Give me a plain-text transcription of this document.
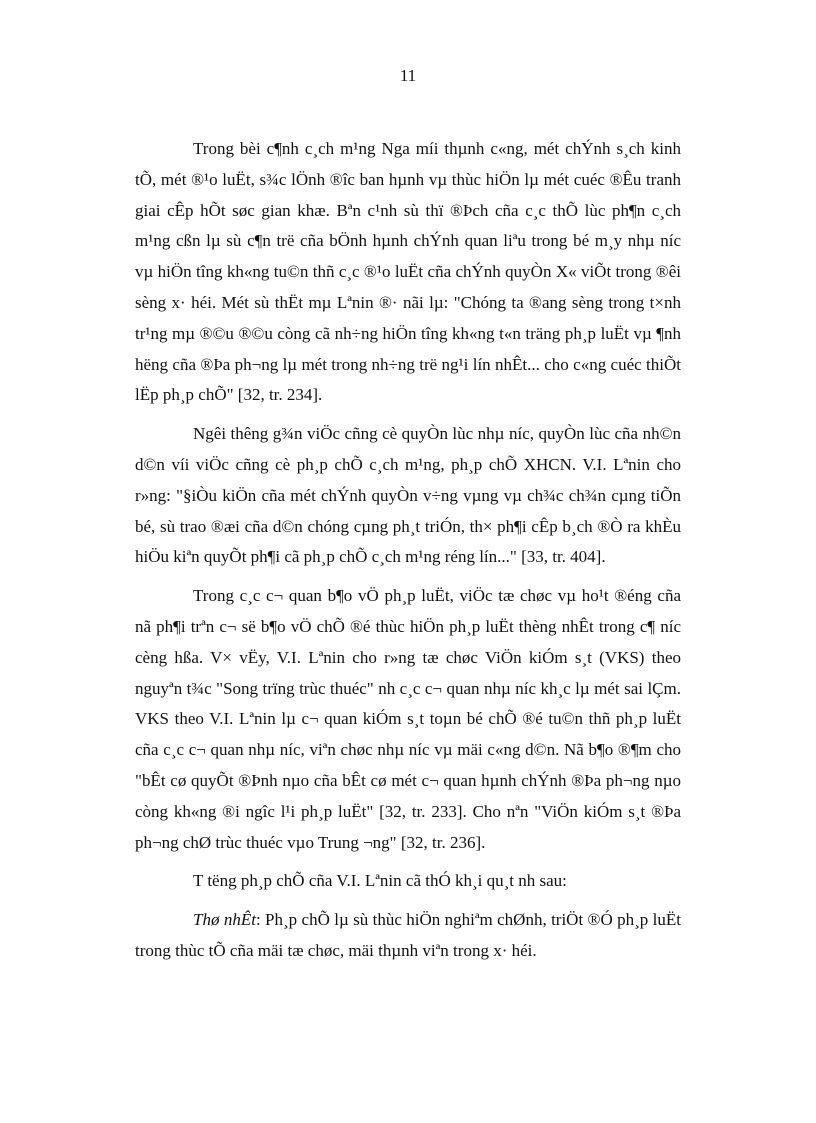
11

Trong bèi c¶nh c¸ch m¹ng Nga míi thµnh c«ng, mét chÝnh s¸ch kinh tÕ, mét ®¹o luËt, s¾c lÖnh ®îc ban hµnh vµ thùc hiÖn lµ mét cuéc ®Êu tranh giai cÊp hÕt søc gian khæ. Bªn c¹nh sù thï ®Þch cña c¸c thÕ lùc ph¶n c¸ch m¹ng cßn lµ sù c¶n trë cña bÖnh hµnh chÝnh quan liªu trong bé m¸y nhµ níc vµ hiÖn tîng kh«ng tu©n thñ c¸c ®¹o luËt cña chÝnh quyÒn X« viÕt trong ®êi sèng x· héi. Mét sù thËt mµ Lªnin ®· nãi lµ: "Chóng ta ®ang sèng trong t×nh tr¹ng mµ ®©u ®©u còng cã nh÷ng hiÖn tîng kh«ng t«n träng ph¸p luËt vµ ¶nh hëng cña ®Þa ph¬ng lµ mét trong nh÷ng trë ng¹i lín nhÊt... cho c«ng cuéc thiÕt lËp ph¸p chÕ" [32, tr. 234].

Ngêi thêng g¾n viÖc cñng cè quyÒn lùc nhµ níc, quyÒn lùc cña nh©n d©n víi viÖc cñng cè ph¸p chÕ c¸ch m¹ng, ph¸p chÕ XHCN. V.I. Lªnin cho r»ng: "§iÒu kiÖn cña mét chÝnh quyÒn v÷ng vµng vµ ch¾c ch¾n cµng tiÕn bé, sù trao ®æi cña d©n chóng cµng ph¸t triÓn, th× ph¶i cÊp b¸ch ®Ò ra khÈu hiÖu kiªn quyÕt ph¶i cã ph¸p chÕ c¸ch m¹ng réng lín..." [33, tr. 404].

Trong c¸c c¬ quan b¶o vÖ ph¸p luËt, viÖc tæ chøc vµ ho¹t ®éng cña nã ph¶i trªn c¬ së b¶o vÖ chÕ ®é thùc hiÖn ph¸p luËt thèng nhÊt trong c¶ níc cèng hßa. V× vËy, V.I. Lªnin cho r»ng tæ chøc ViÖn kiÓm s¸t (VKS) theo nguyªn t¾c "Song trïng trùc thuéc" nh c¸c c¬ quan nhµ níc kh¸c lµ mét sai lÇm. VKS theo V.I. Lªnin lµ c¬ quan kiÓm s¸t toµn bé chÕ ®é tu©n thñ ph¸p luËt cña c¸c c¬ quan nhµ níc, viªn chøc nhµ níc vµ mäi c«ng d©n. Nã b¶o ®¶m cho "bÊt cø quyÕt ®Þnh nµo cña bÊt cø mét c¬ quan hµnh chÝnh ®Þa ph¬ng nµo còng kh«ng ®i ngîc l¹i ph¸p luËt" [32, tr. 233]. Cho nªn "ViÖn kiÓm s¸t ®Þa ph¬ng chØ trùc thuéc vµo Trung ¬ng" [32, tr. 236].

T tëng ph¸p chÕ cña V.I. Lªnin cã thÓ kh¸i qu¸t nh sau:

Thø nhÊt: Ph¸p chÕ lµ sù thùc hiÖn nghiªm chØnh, triÖt ®Ó ph¸p luËt trong thùc tÕ cña mäi tæ chøc, mäi thµnh viªn trong x· héi.
